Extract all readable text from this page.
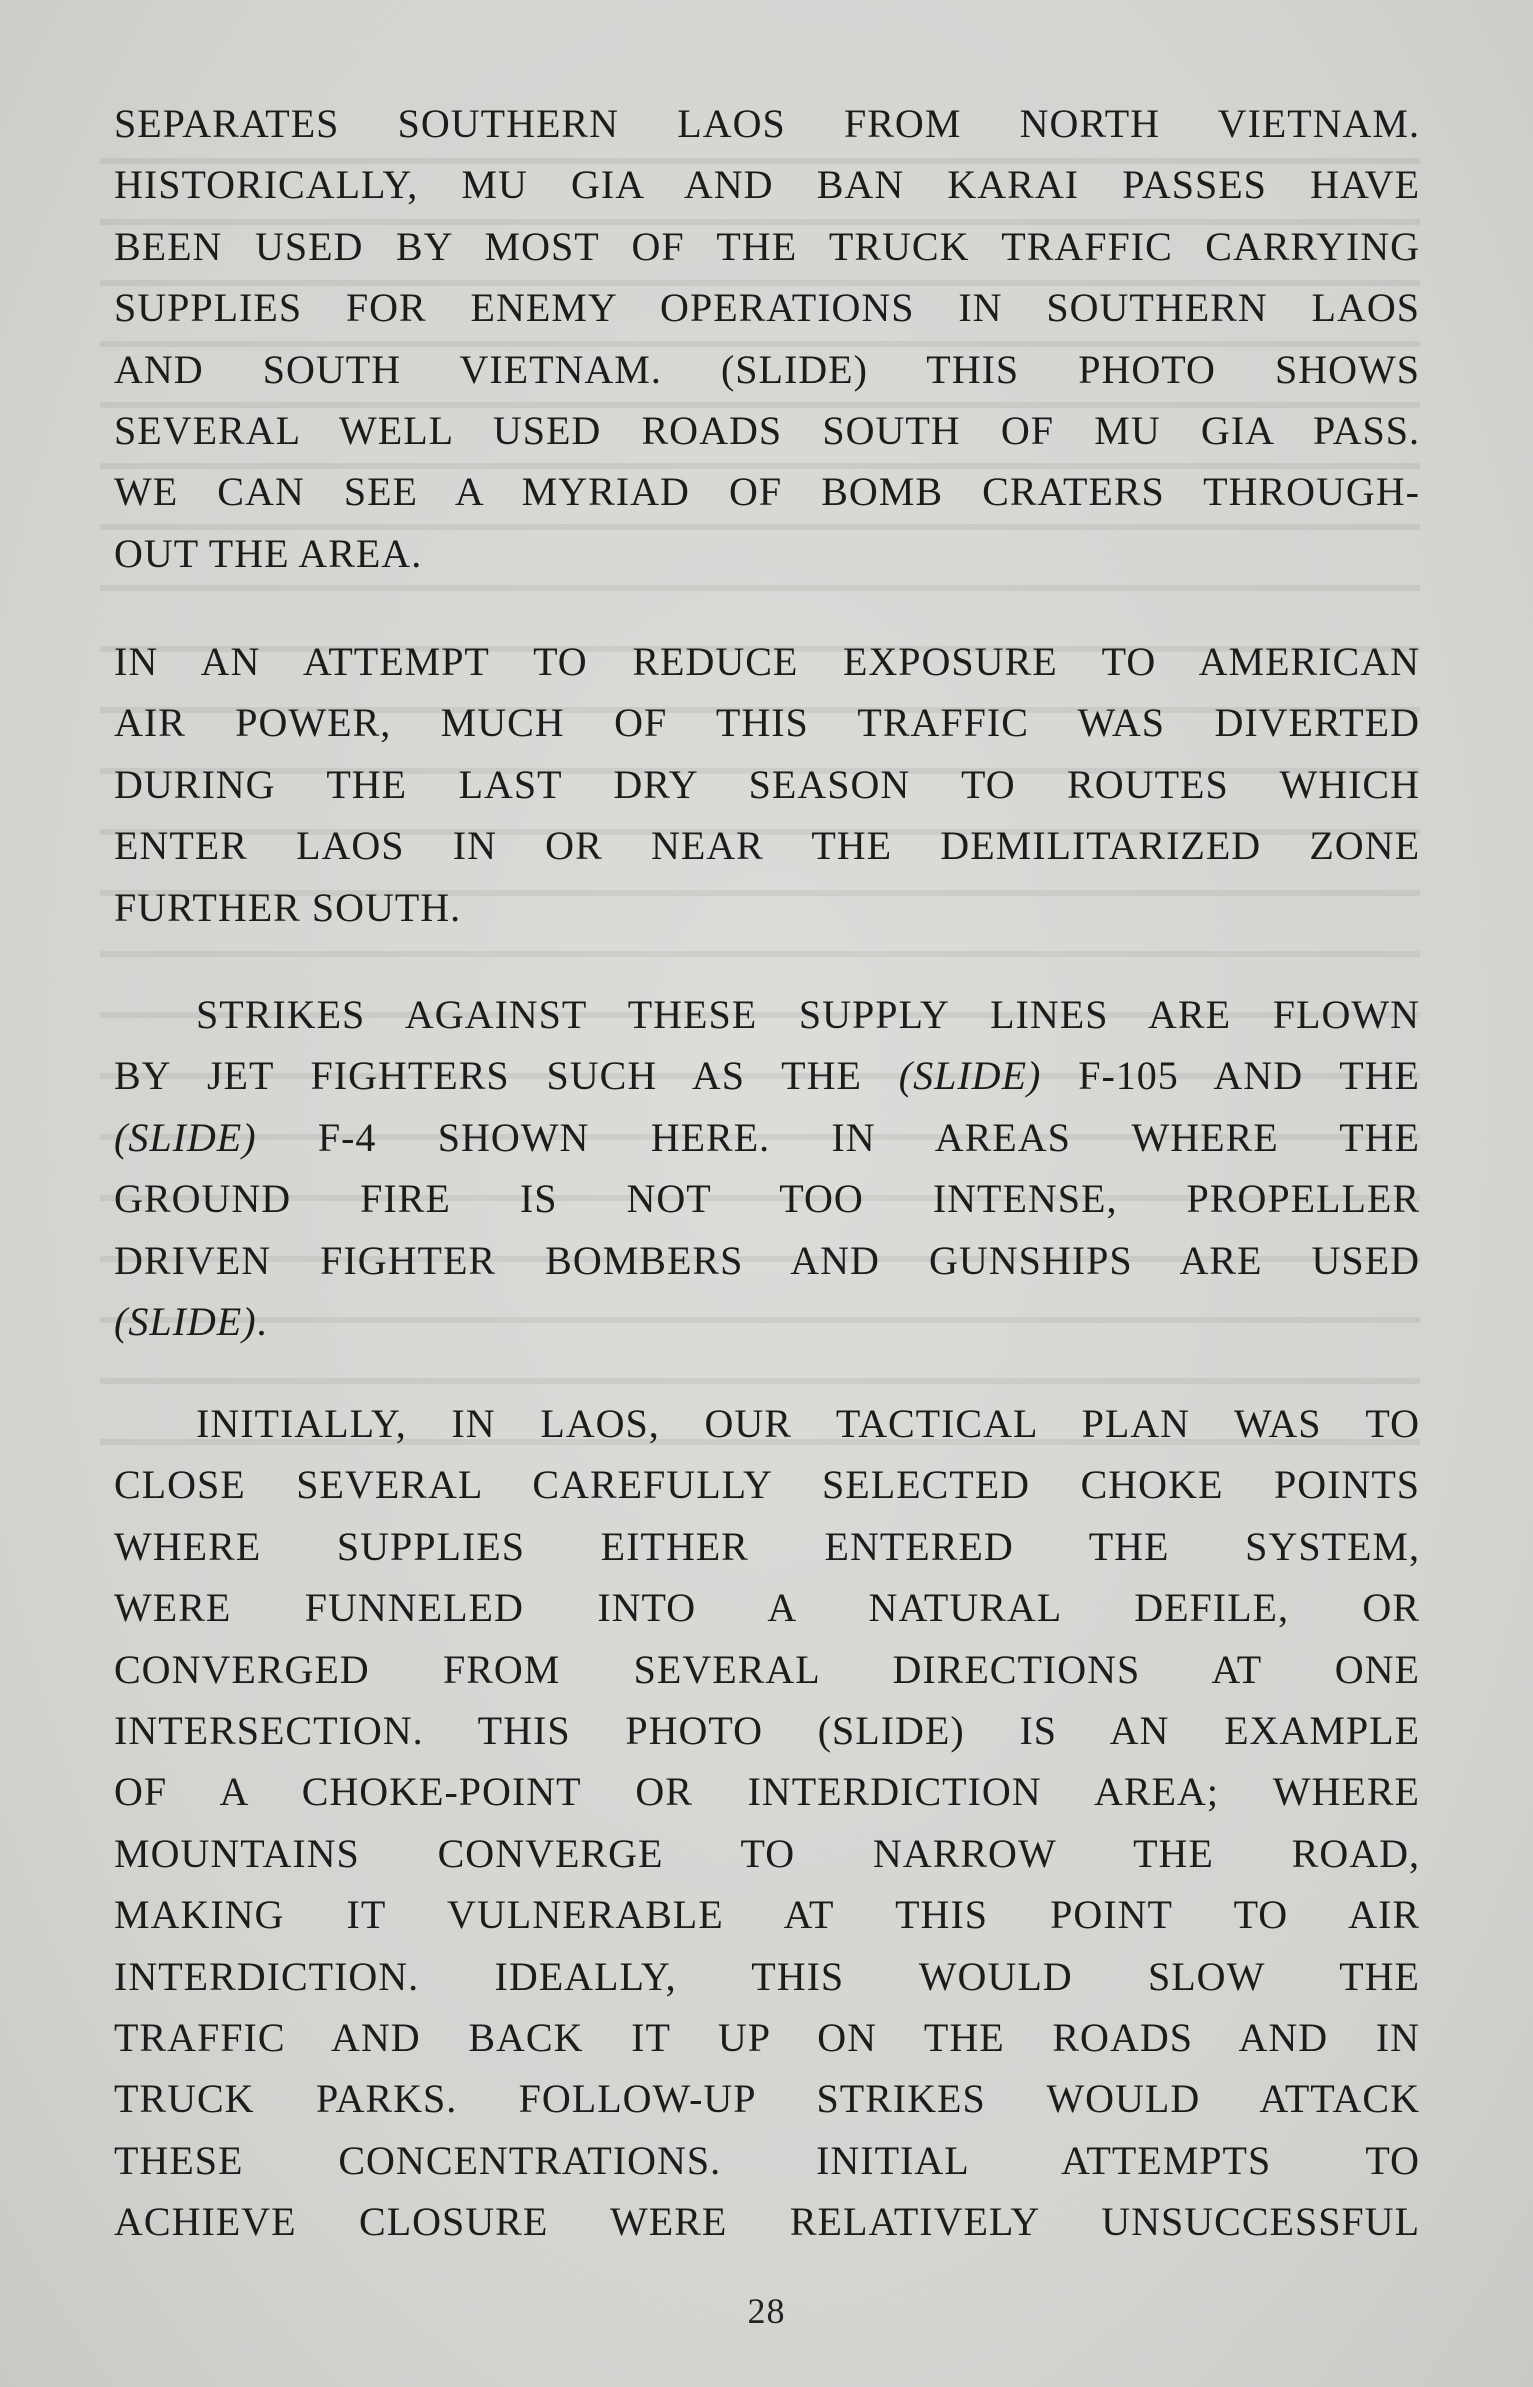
SEPARATES SOUTHERN LAOS FROM NORTH VIETNAM.
HISTORICALLY, MU GIA AND BAN KARAI PASSES HAVE
BEEN USED BY MOST OF THE TRUCK TRAFFIC CARRYING
SUPPLIES FOR ENEMY OPERATIONS IN SOUTHERN LAOS
AND SOUTH VIETNAM. (SLIDE) THIS PHOTO SHOWS
SEVERAL WELL USED ROADS SOUTH OF MU GIA PASS.
WE CAN SEE A MYRIAD OF BOMB CRATERS THROUGH-
OUT THE AREA.
IN AN ATTEMPT TO REDUCE EXPOSURE TO AMERICAN
AIR POWER, MUCH OF THIS TRAFFIC WAS DIVERTED
DURING THE LAST DRY SEASON TO ROUTES WHICH
ENTER LAOS IN OR NEAR THE DEMILITARIZED ZONE
FURTHER SOUTH.
STRIKES AGAINST THESE SUPPLY LINES ARE FLOWN
BY JET FIGHTERS SUCH AS THE (SLIDE) F-105 AND THE
(SLIDE) F-4 SHOWN HERE. IN AREAS WHERE THE
GROUND FIRE IS NOT TOO INTENSE, PROPELLER
DRIVEN FIGHTER BOMBERS AND GUNSHIPS ARE USED
(SLIDE).
INITIALLY, IN LAOS, OUR TACTICAL PLAN WAS TO
CLOSE SEVERAL CAREFULLY SELECTED CHOKE POINTS
WHERE SUPPLIES EITHER ENTERED THE SYSTEM,
WERE FUNNELED INTO A NATURAL DEFILE, OR
CONVERGED FROM SEVERAL DIRECTIONS AT ONE
INTERSECTION. THIS PHOTO (SLIDE) IS AN EXAMPLE
OF A CHOKE-POINT OR INTERDICTION AREA; WHERE
MOUNTAINS CONVERGE TO NARROW THE ROAD,
MAKING IT VULNERABLE AT THIS POINT TO AIR
INTERDICTION. IDEALLY, THIS WOULD SLOW THE
TRAFFIC AND BACK IT UP ON THE ROADS AND IN
TRUCK PARKS. FOLLOW-UP STRIKES WOULD ATTACK
THESE CONCENTRATIONS. INITIAL ATTEMPTS TO
ACHIEVE CLOSURE WERE RELATIVELY UNSUCCESSFUL
28
